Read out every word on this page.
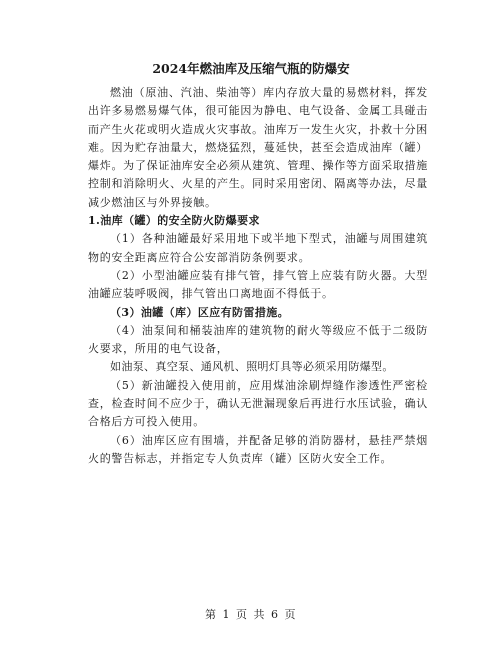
2024年燃油库及压缩气瓶的防爆安

燃油（原油、汽油、柴油等）库内存放大量的易燃材料，挥发出许多易燃易爆气体，很可能因为静电、电气设备、金属工具碰击而产生火花或明火造成火灾事故。油库万一发生火灾，扑救十分困难。因为贮存油量大，燃烧猛烈，蔓延快，甚至会造成油库（罐）爆炸。为了保证油库安全必须从建筑、管理、操作等方面采取措施控制和消除明火、火星的产生。同时采用密闭、隔离等办法，尽量减少燃油区与外界接触。

1.油库（罐）的安全防火防爆要求

（1）各种油罐最好采用地下或半地下型式，油罐与周围建筑物的安全距离应符合公安部消防条例要求。

（2）小型油罐应装有排气管，排气管上应装有防火器。大型油罐应装呼吸阀，排气管出口离地面不得低于。

（3）油罐（库）区应有防雷措施。

（4）油泵间和桶装油库的建筑物的耐火等级应不低于二级防火要求，所用的电气设备，

如油泵、真空泵、通风机、照明灯具等必须采用防爆型。

（5）新油罐投入使用前，应用煤油涂刷焊缝作渗透性严密检查，检查时间不应少于，确认无泄漏现象后再进行水压试验，确认合格后方可投入使用。

（6）油库区应有围墙，并配备足够的消防器材，悬挂严禁烟火的警告标志，并指定专人负责库（罐）区防火安全工作。

第 1 页 共 6 页
